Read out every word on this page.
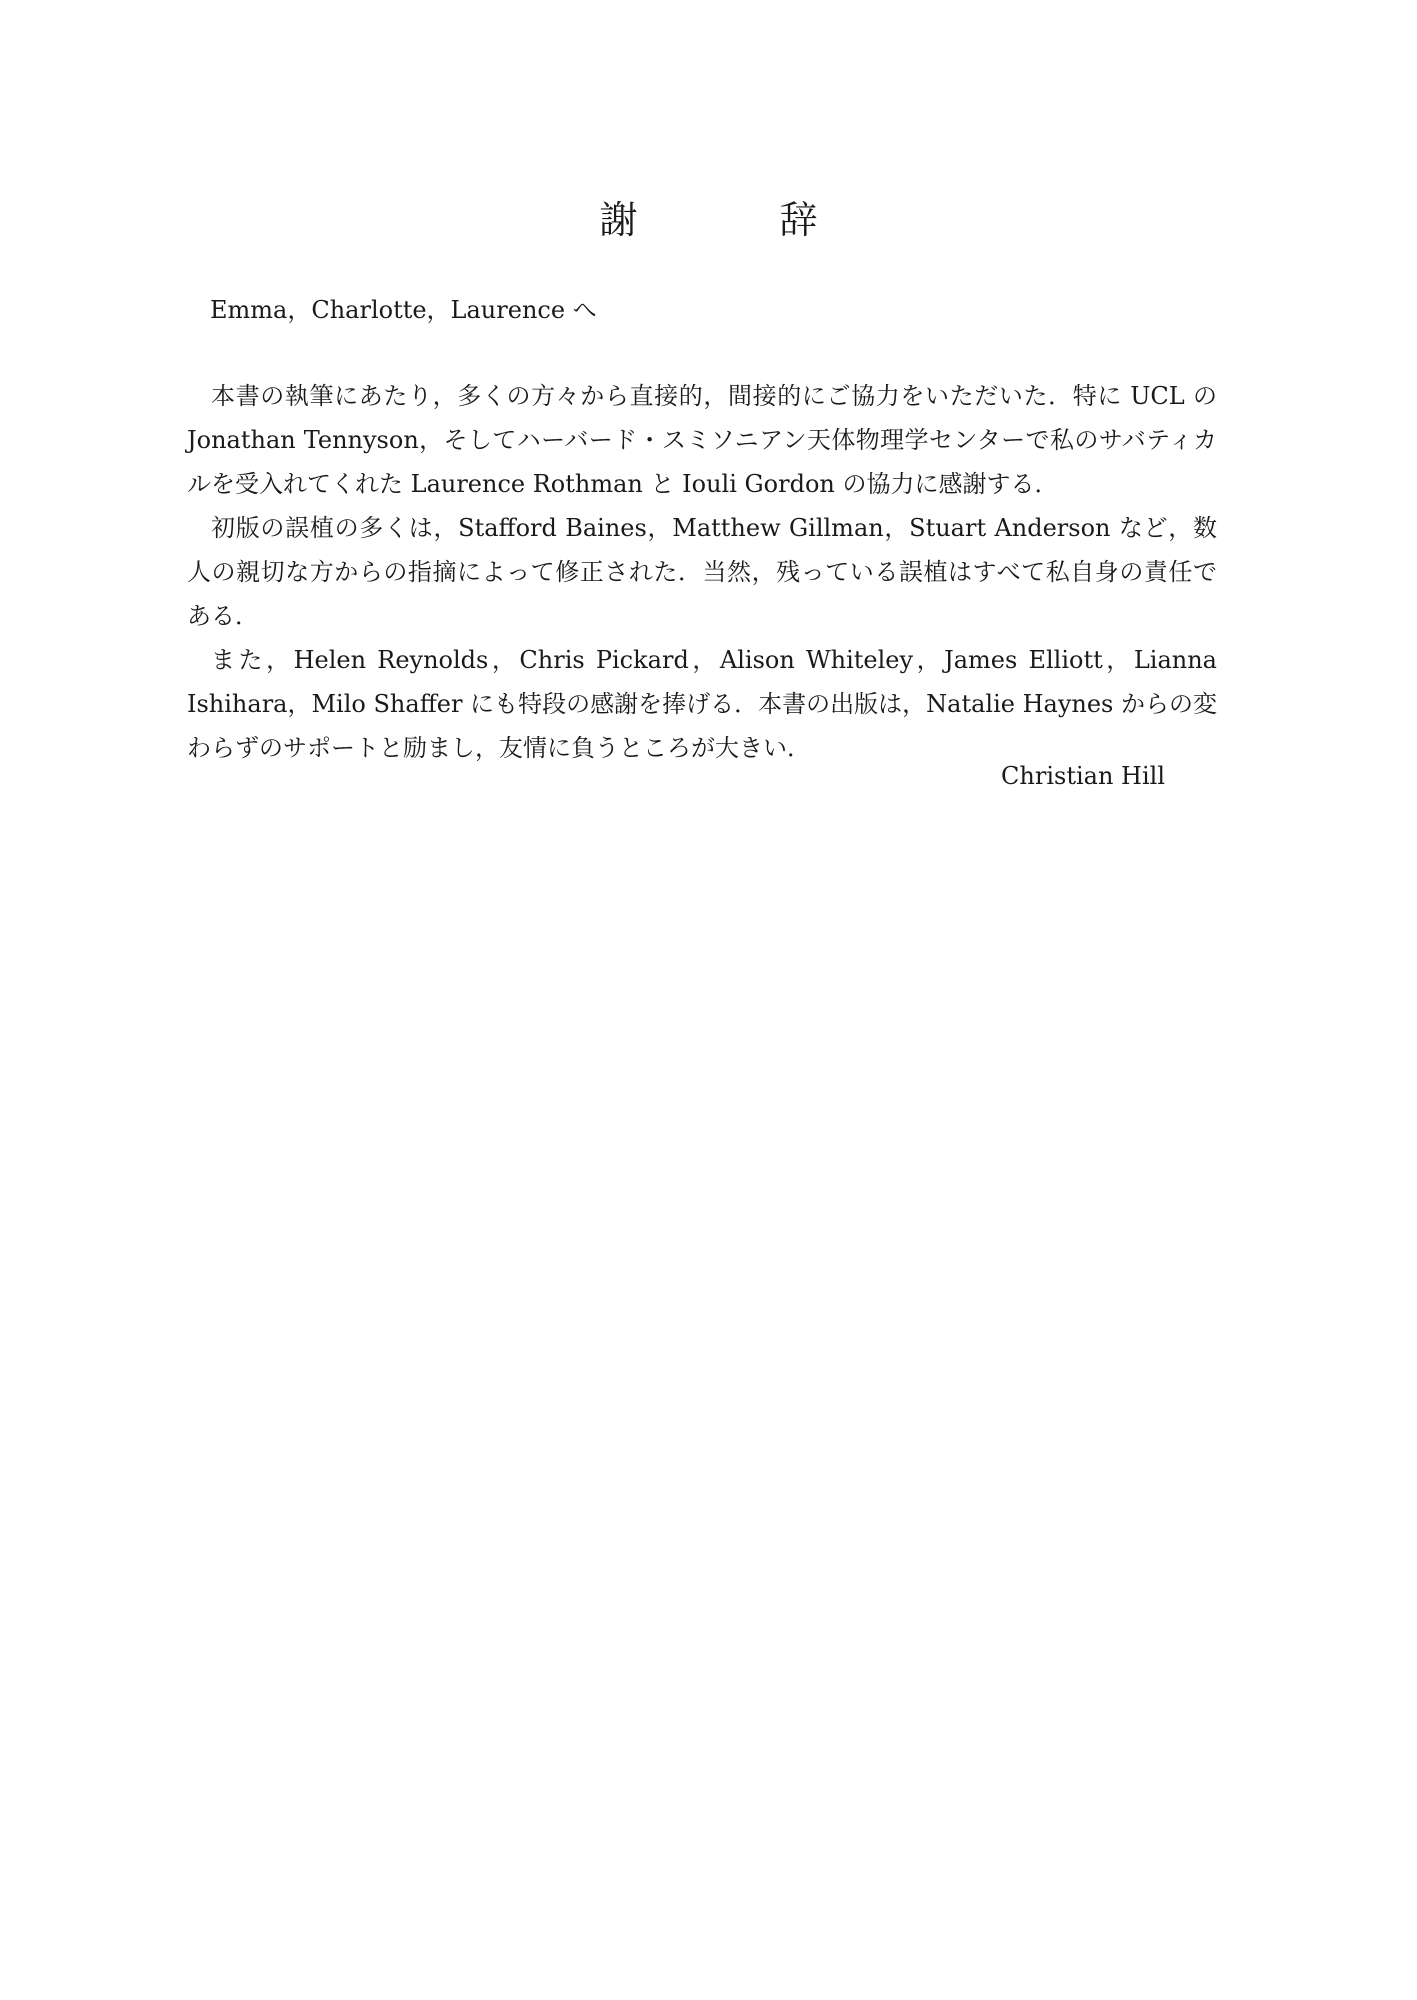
謝　辞

Emma，Charlotte，Laurence へ

本書の執筆にあたり，多くの方々から直接的，間接的にご協力をいただいた．特に UCL の Jonathan Tennyson，そしてハーバード・スミソニアン天体物理学センターで私のサバティカルを受入れてくれた Laurence Rothman と Iouli Gordon の協力に感謝する．

初版の誤植の多くは，Stafford Baines，Matthew Gillman，Stuart Anderson など，数人の親切な方からの指摘によって修正された．当然，残っている誤植はすべて私自身の責任である．

また，Helen Reynolds，Chris Pickard，Alison Whiteley，James Elliott，Lianna Ishihara，Milo Shaffer にも特段の感謝を捧げる．本書の出版は，Natalie Haynes からの変わらずのサポートと励まし，友情に負うところが大きい．

Christian Hill
